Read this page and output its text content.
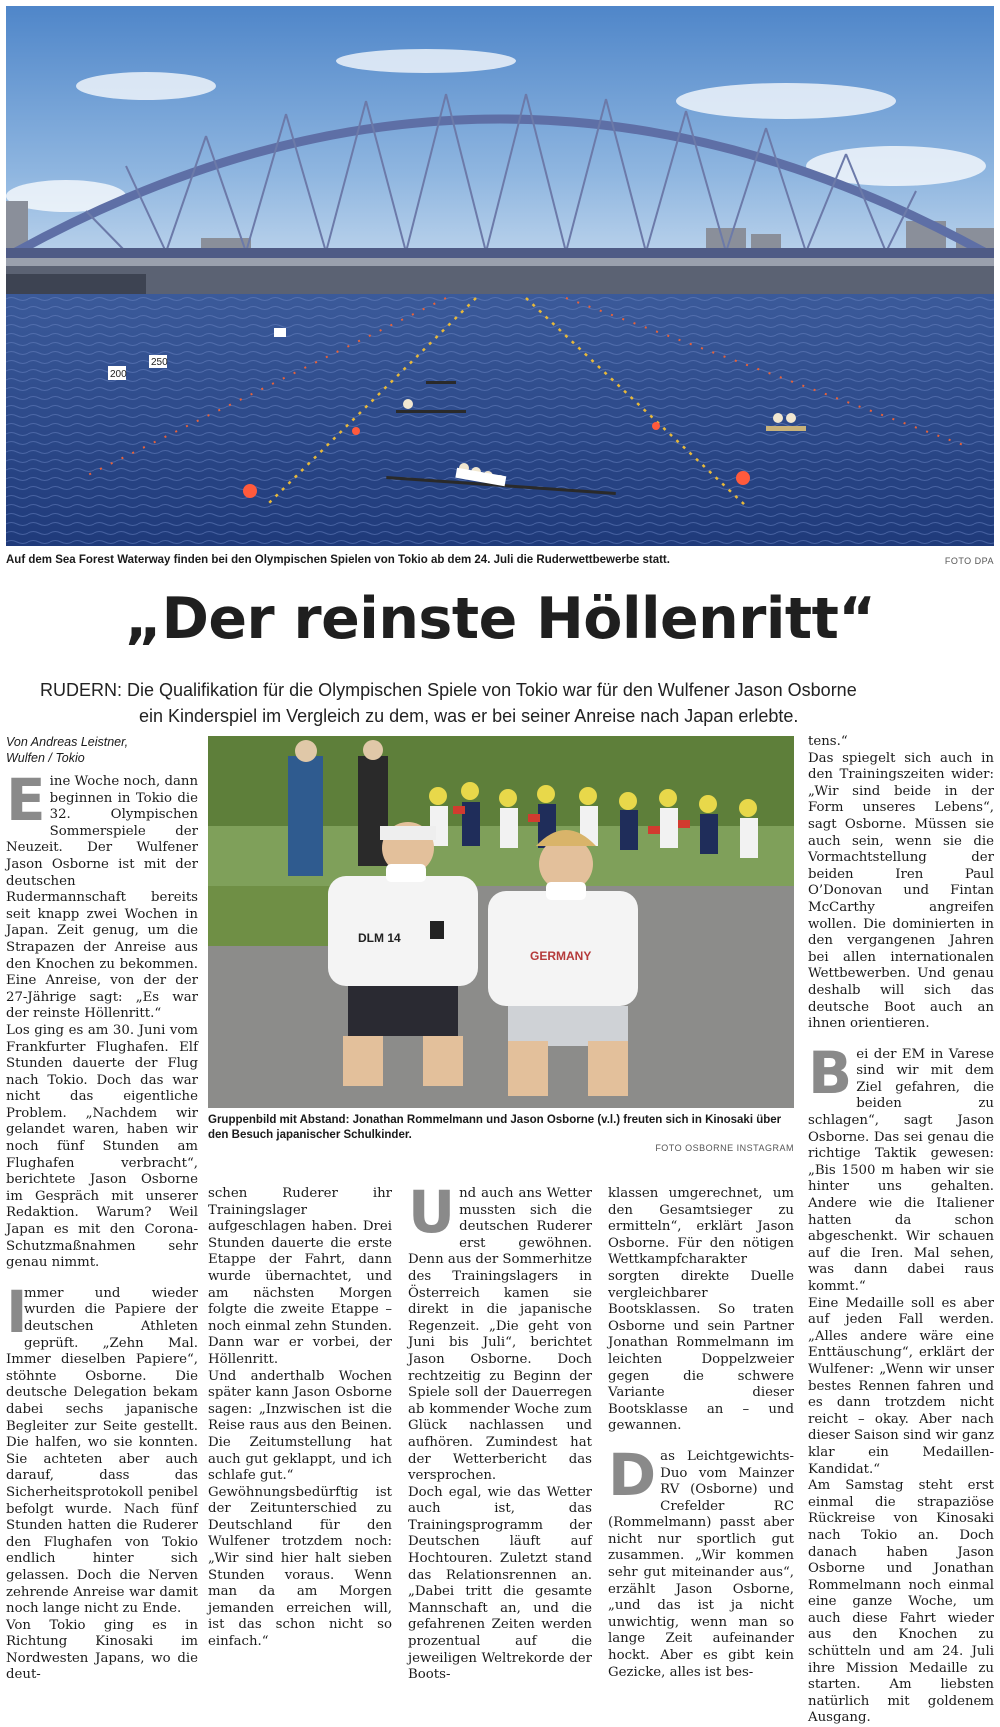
200
250
Auf dem Sea Forest Waterway finden bei den Olympischen Spielen von Tokio ab dem 24. Juli die Ruderwettbewerbe statt.	FOTO DPA
„Der reinste Höllenritt“
RUDERN: Die Qualifikation für die Olympischen Spiele von Tokio war für den Wulfener Jason Osborne
ein Kinderspiel im Vergleich zu dem, was er bei seiner Anreise nach Japan erlebte.
Von Andreas Leistner,
Wulfen / Tokio

Eine Woche noch, dann beginnen in Tokio die 32. Olympischen Sommerspiele der Neuzeit. Der Wulfener Jason Osborne ist mit der deutschen Rudermannschaft bereits seit knapp zwei Wochen in Japan. Zeit genug, um die Strapazen der Anreise aus den Knochen zu bekommen. Eine Anreise, von der der 27-Jährige sagt: „Es war der reinste Höllenritt.“

Los ging es am 30. Juni vom Frankfurter Flughafen. Elf Stunden dauerte der Flug nach Tokio. Doch das war nicht das eigentliche Problem. „Nachdem wir gelandet waren, haben wir noch fünf Stunden am Flughafen verbracht“, berichtete Jason Osborne im Gespräch mit unserer Redaktion. Warum? Weil Japan es mit den Corona-Schutzmaßnahmen sehr genau nimmt.

I
mmer und wieder wurden die Papiere der deutschen Athleten geprüft. „Zehn Mal. Immer dieselben Papiere“, stöhnte Osborne. Die deutsche Delegation bekam dabei sechs japanische Begleiter zur Seite gestellt. Die halfen, wo sie konnten. Sie achteten aber auch darauf, dass das Sicherheitsprotokoll penibel befolgt wurde. Nach fünf Stunden hatten die Ruderer den Flughafen von Tokio endlich hinter sich gelassen. Doch die Nerven zehrende Anreise war damit noch lange nicht zu Ende.

Von Tokio ging es in Richtung Kinosaki im Nordwesten Japans, wo die deut-

DLM 14
GERMANY
Gruppenbild mit Abstand: Jonathan Rommelmann und Jason Osborne (v.l.) freuten sich in Kinosaki über den Besuch japanischer Schulkinder.
FOTO OSBORNE INSTAGRAM

schen Ruderer ihr Trainingslager aufgeschlagen haben. Drei Stunden dauerte die erste Etappe der Fahrt, dann wurde übernachtet, und am nächsten Morgen folgte die zweite Etappe – noch einmal zehn Stunden. Dann war er vorbei, der Höllenritt.

Und anderthalb Wochen später kann Jason Osborne sagen: „Inzwischen ist die Reise raus aus den Beinen. Die Zeitumstellung hat auch gut geklappt, und ich schlafe gut.“

Gewöhnungsbedürftig ist der Zeitunterschied zu Deutschland für den Wulfener trotzdem noch: „Wir sind hier halt sieben Stunden voraus. Wenn man da am Morgen jemanden erreichen will, ist das schon nicht so einfach.“

Und auch ans Wetter mussten sich die deutschen Ruderer erst gewöhnen. Denn aus der Sommerhitze des Trainingslagers in Österreich kamen sie direkt in die japanische Regenzeit. „Die geht von Juni bis Juli“, berichtet Jason Osborne. Doch rechtzeitig zu Beginn der Spiele soll der Dauerregen ab kommender Woche zum Glück nachlassen und aufhören. Zumindest hat der Wetterbericht das versprochen.

Doch egal, wie das Wetter auch ist, das Trainingsprogramm der Deutschen läuft auf Hochtouren. Zuletzt stand das Relationsrennen an. „Dabei tritt die gesamte Mannschaft an, und die gefahrenen Zeiten werden prozentual auf die jeweiligen Weltrekorde der Boots-

klassen umgerechnet, um den Gesamtsieger zu ermitteln“, erklärt Jason Osborne. Für den nötigen Wettkampfcharakter sorgten direkte Duelle vergleichbarer Bootsklassen. So traten Osborne und sein Partner Jonathan Rommelmann im leichten Doppelzweier gegen die schwere Variante dieser Bootsklasse an – und gewannen.

Das Leichtgewichts-Duo vom Mainzer RV (Osborne) und Crefelder RC (Rommelmann) passt aber nicht nur sportlich gut zusammen. „Wir kommen sehr gut miteinander aus“, erzählt Jason Osborne, „und das ist ja nicht unwichtig, wenn man so lange Zeit aufeinander hockt. Aber es gibt kein Gezicke, alles ist bes-

tens.“

Das spiegelt sich auch in den Trainingszeiten wider: „Wir sind beide in der Form unseres Lebens“, sagt Osborne. Müssen sie auch sein, wenn sie die Vormachtstellung der beiden Iren Paul O’Donovan und Fintan McCarthy angreifen wollen. Die dominierten in den vergangenen Jahren bei allen internationalen Wettbewerben. Und genau deshalb will sich das deutsche Boot auch an ihnen orientieren.

Bei der EM in Varese sind wir mit dem Ziel gefahren, die beiden zu schlagen“, sagt Jason Osborne. Das sei genau die richtige Taktik gewesen: „Bis 1500 m haben wir sie hinter uns gehalten. Andere wie die Italiener hatten da schon abgeschenkt. Wir schauen auf die Iren. Mal sehen, was dann dabei raus kommt.“

Eine Medaille soll es aber auf jeden Fall werden. „Alles andere wäre eine Enttäuschung“, erklärt der Wulfener: „Wenn wir unser bestes Rennen fahren und es dann trotzdem nicht reicht – okay. Aber nach dieser Saison sind wir ganz klar ein Medaillen-Kandidat.“

Am Samstag steht erst einmal die strapaziöse Rückreise von Kinosaki nach Tokio an. Doch danach haben Jason Osborne und Jonathan Rommelmann noch einmal eine ganze Woche, um auch diese Fahrt wieder aus den Knochen zu schütteln und am 24. Juli ihre Mission Medaille zu starten. Am liebsten natürlich mit goldenem Ausgang.
